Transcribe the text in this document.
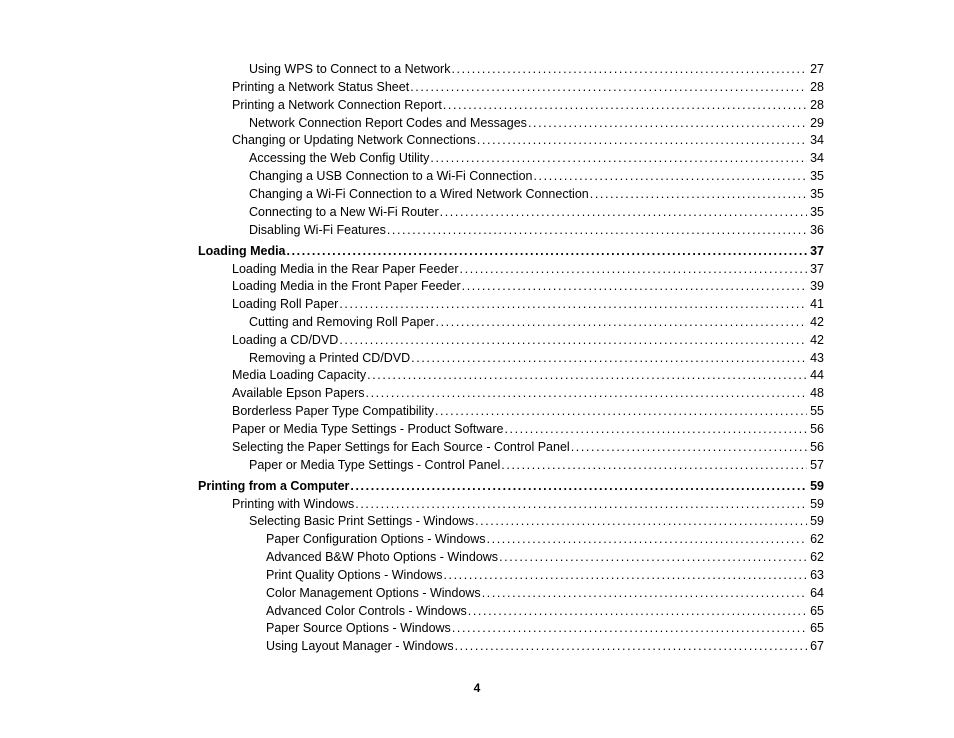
Using WPS to Connect to a Network .....	27
Printing a Network Status Sheet .....	28
Printing a Network Connection Report .....	28
Network Connection Report Codes and Messages .....	29
Changing or Updating Network Connections .....	34
Accessing the Web Config Utility .....	34
Changing a USB Connection to a Wi-Fi Connection .....	35
Changing a Wi-Fi Connection to a Wired Network Connection .....	35
Connecting to a New Wi-Fi Router .....	35
Disabling Wi-Fi Features .....	36
Loading Media .....	37
Loading Media in the Rear Paper Feeder .....	37
Loading Media in the Front Paper Feeder .....	39
Loading Roll Paper .....	41
Cutting and Removing Roll Paper .....	42
Loading a CD/DVD .....	42
Removing a Printed CD/DVD .....	43
Media Loading Capacity .....	44
Available Epson Papers .....	48
Borderless Paper Type Compatibility .....	55
Paper or Media Type Settings - Product Software .....	56
Selecting the Paper Settings for Each Source - Control Panel .....	56
Paper or Media Type Settings - Control Panel .....	57
Printing from a Computer .....	59
Printing with Windows .....	59
Selecting Basic Print Settings - Windows .....	59
Paper Configuration Options - Windows .....	62
Advanced B&W Photo Options - Windows .....	62
Print Quality Options - Windows .....	63
Color Management Options - Windows .....	64
Advanced Color Controls - Windows .....	65
Paper Source Options - Windows .....	65
Using Layout Manager - Windows .....	67
4
